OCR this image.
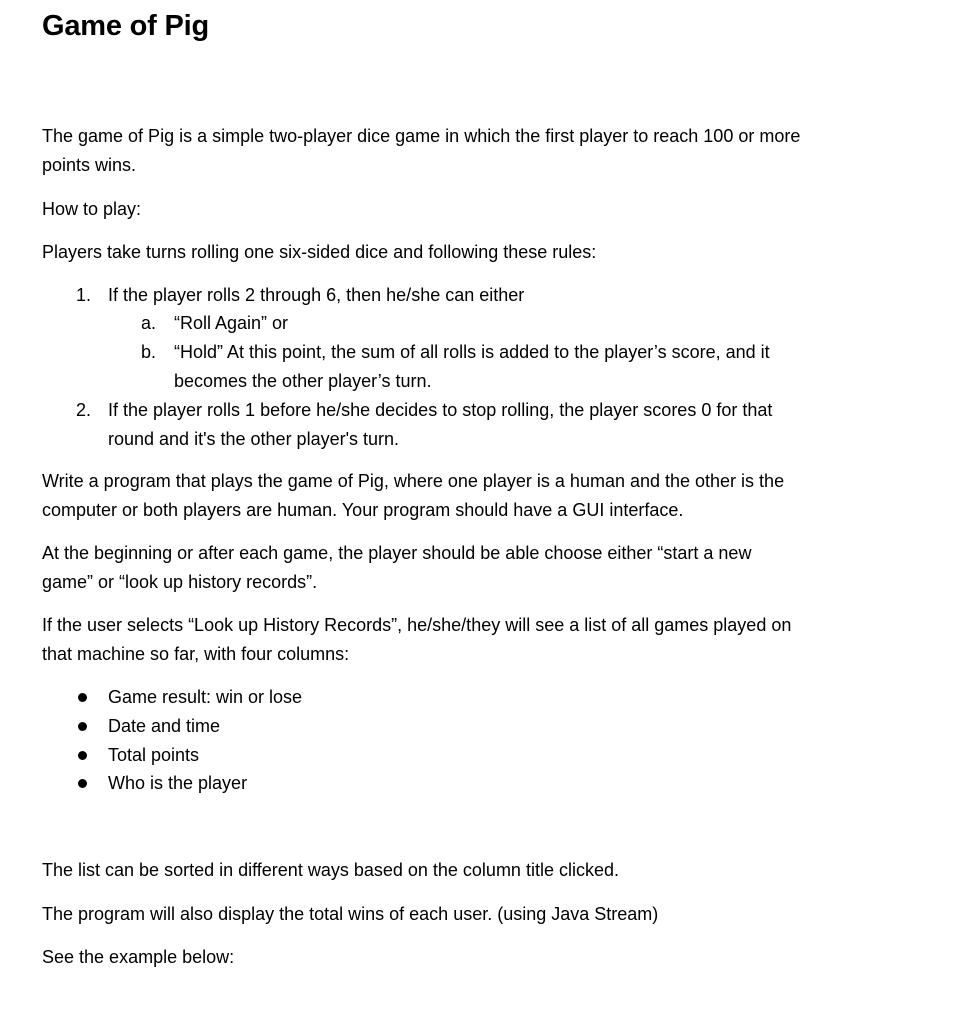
Game of Pig

The game of Pig is a simple two-player dice game in which the first player to reach 100 or more

points wins.

How to play:

Players take turns rolling one six-sided dice and following these rules:

1. If the player rolls 2 through 6, then he/she can either
a. “Roll Again” or
b. “Hold” At this point, the sum of all rolls is added to the player’s score, and it
becomes the other player’s turn.
2. If the player rolls 1 before he/she decides to stop rolling, the player scores 0 for that
round and it's the other player's turn.

Write a program that plays the game of Pig, where one player is a human and the other is the

computer or both players are human. Your program should have a GUI interface.

At the beginning or after each game, the player should be able choose either “start a new

game” or “look up history records”.

If the user selects “Look up History Records”, he/she/they will see a list of all games played on

that machine so far, with four columns:

Game result: win or lose
Date and time
Total points
Who is the player

The list can be sorted in different ways based on the column title clicked.

The program will also display the total wins of each user. (using Java Stream)

See the example below:
